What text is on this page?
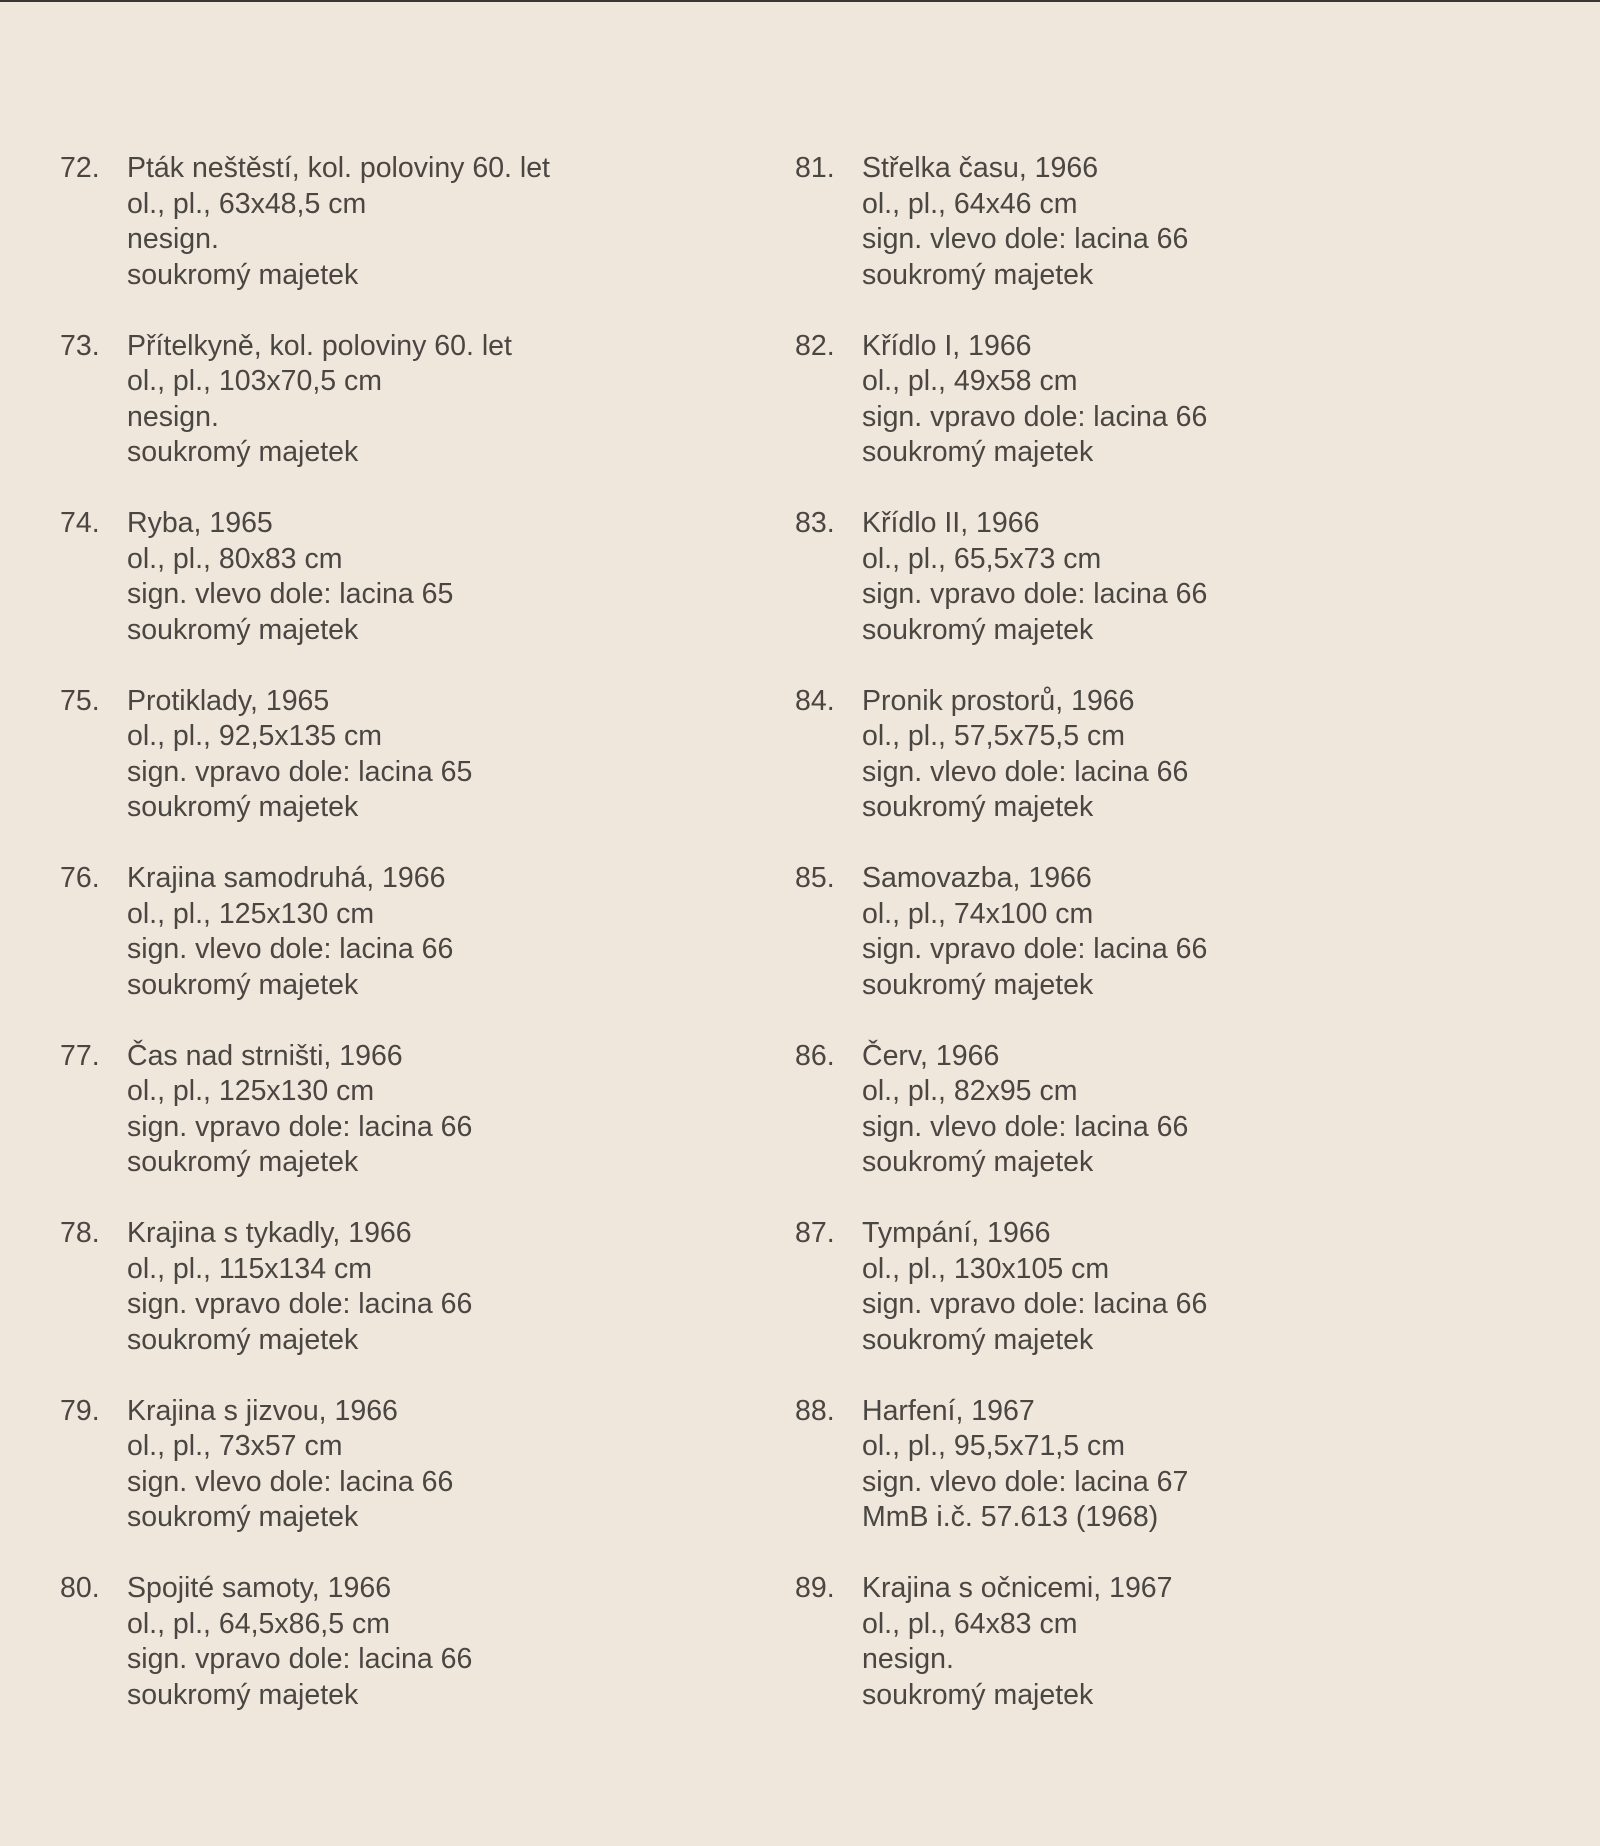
72. Pták neštěstí, kol. poloviny 60. let
ol., pl., 63x48,5 cm
nesign.
soukromý majetek
73. Přítelkyně, kol. poloviny 60. let
ol., pl., 103x70,5 cm
nesign.
soukromý majetek
74. Ryba, 1965
ol., pl., 80x83 cm
sign. vlevo dole: lacina 65
soukromý majetek
75. Protiklady, 1965
ol., pl., 92,5x135 cm
sign. vpravo dole: lacina 65
soukromý majetek
76. Krajina samodruhá, 1966
ol., pl., 125x130 cm
sign. vlevo dole: lacina 66
soukromý majetek
77. Čas nad strništi, 1966
ol., pl., 125x130 cm
sign. vpravo dole: lacina 66
soukromý majetek
78. Krajina s tykadly, 1966
ol., pl., 115x134 cm
sign. vpravo dole: lacina 66
soukromý majetek
79. Krajina s jizvou, 1966
ol., pl., 73x57 cm
sign. vlevo dole: lacina 66
soukromý majetek
80. Spojité samoty, 1966
ol., pl., 64,5x86,5 cm
sign. vpravo dole: lacina 66
soukromý majetek
81. Střelka času, 1966
ol., pl., 64x46 cm
sign. vlevo dole: lacina 66
soukromý majetek
82. Křídlo I, 1966
ol., pl., 49x58 cm
sign. vpravo dole: lacina 66
soukromý majetek
83. Křídlo II, 1966
ol., pl., 65,5x73 cm
sign. vpravo dole: lacina 66
soukromý majetek
84. Pronik prostorů, 1966
ol., pl., 57,5x75,5 cm
sign. vlevo dole: lacina 66
soukromý majetek
85. Samovazba, 1966
ol., pl., 74x100 cm
sign. vpravo dole: lacina 66
soukromý majetek
86. Červ, 1966
ol., pl., 82x95 cm
sign. vlevo dole: lacina 66
soukromý majetek
87. Tympání, 1966
ol., pl., 130x105 cm
sign. vpravo dole: lacina 66
soukromý majetek
88. Harfení, 1967
ol., pl., 95,5x71,5 cm
sign. vlevo dole: lacina 67
MmB i.č. 57.613 (1968)
89. Krajina s očnicemi, 1967
ol., pl., 64x83 cm
nesign.
soukromý majetek
